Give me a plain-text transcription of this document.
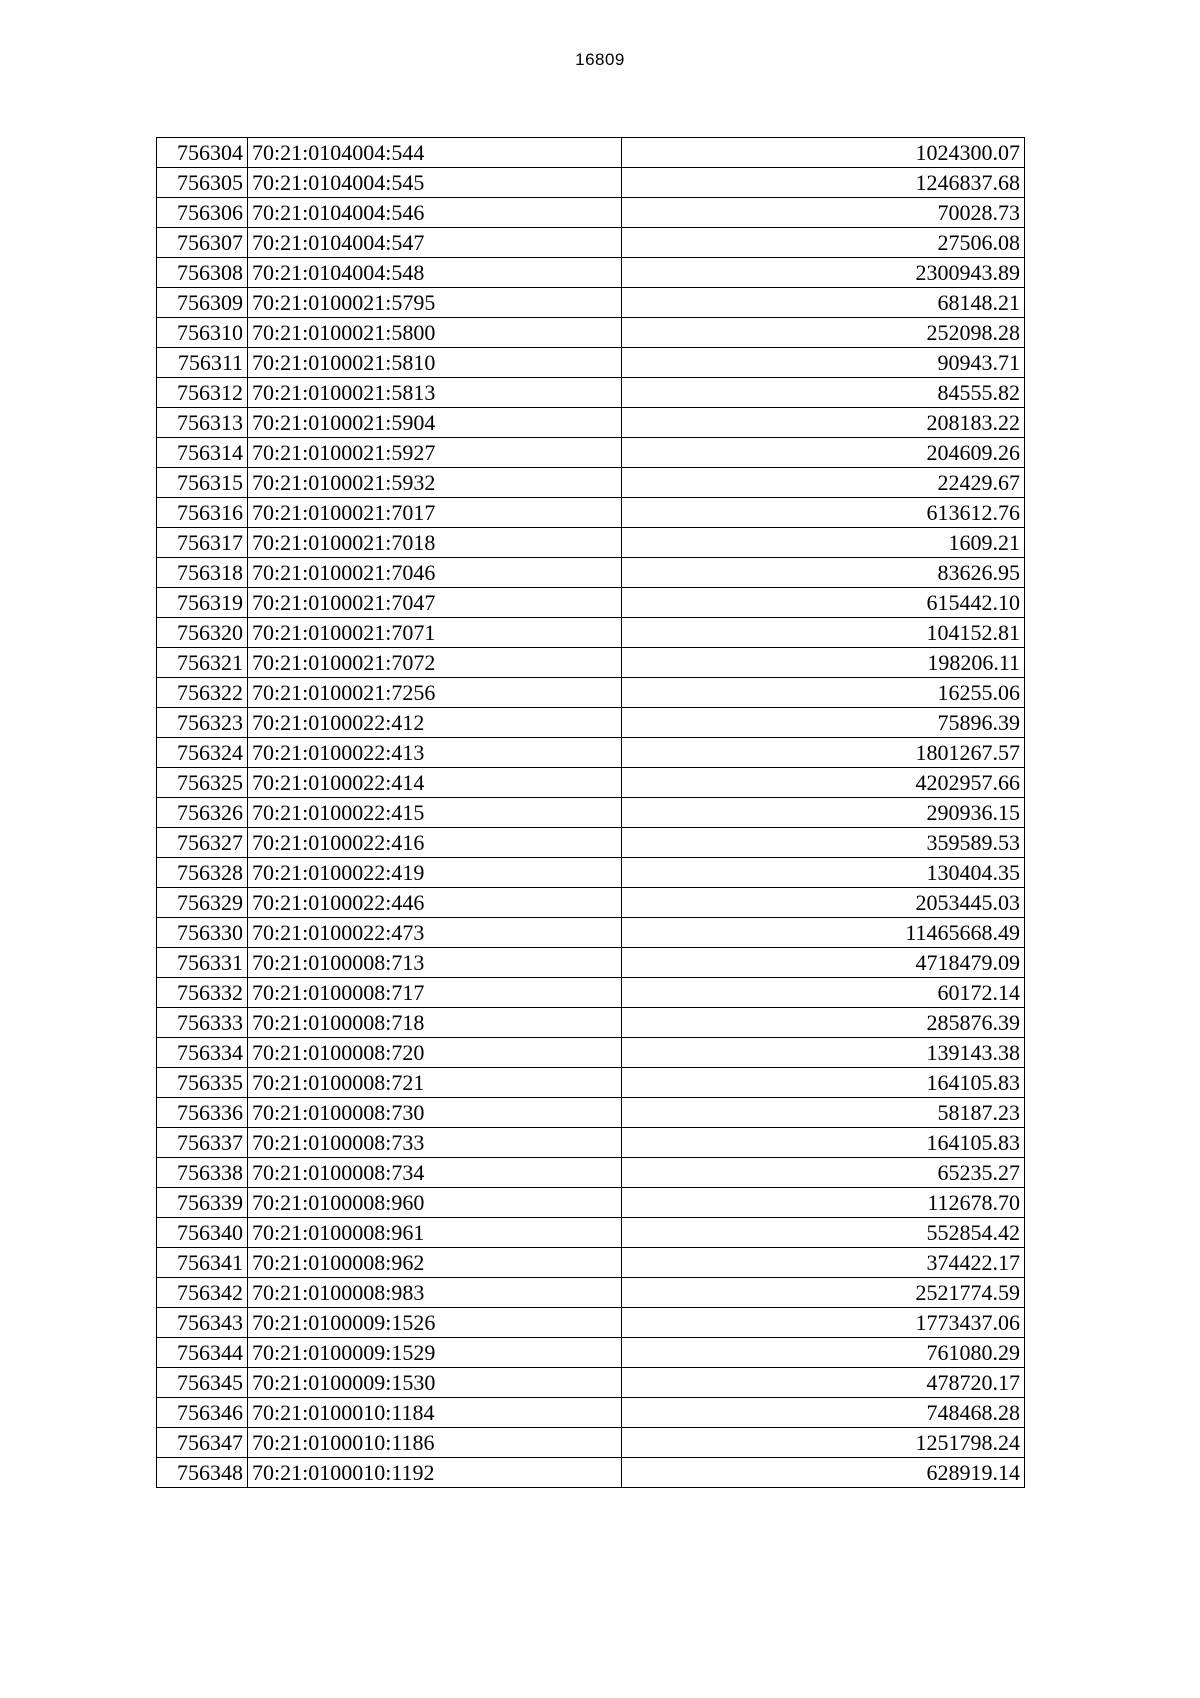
16809
756304	70:21:0104004:544	1024300.07
756305	70:21:0104004:545	1246837.68
756306	70:21:0104004:546	70028.73
756307	70:21:0104004:547	27506.08
756308	70:21:0104004:548	2300943.89
756309	70:21:0100021:5795	68148.21
756310	70:21:0100021:5800	252098.28
756311	70:21:0100021:5810	90943.71
756312	70:21:0100021:5813	84555.82
756313	70:21:0100021:5904	208183.22
756314	70:21:0100021:5927	204609.26
756315	70:21:0100021:5932	22429.67
756316	70:21:0100021:7017	613612.76
756317	70:21:0100021:7018	1609.21
756318	70:21:0100021:7046	83626.95
756319	70:21:0100021:7047	615442.10
756320	70:21:0100021:7071	104152.81
756321	70:21:0100021:7072	198206.11
756322	70:21:0100021:7256	16255.06
756323	70:21:0100022:412	75896.39
756324	70:21:0100022:413	1801267.57
756325	70:21:0100022:414	4202957.66
756326	70:21:0100022:415	290936.15
756327	70:21:0100022:416	359589.53
756328	70:21:0100022:419	130404.35
756329	70:21:0100022:446	2053445.03
756330	70:21:0100022:473	11465668.49
756331	70:21:0100008:713	4718479.09
756332	70:21:0100008:717	60172.14
756333	70:21:0100008:718	285876.39
756334	70:21:0100008:720	139143.38
756335	70:21:0100008:721	164105.83
756336	70:21:0100008:730	58187.23
756337	70:21:0100008:733	164105.83
756338	70:21:0100008:734	65235.27
756339	70:21:0100008:960	112678.70
756340	70:21:0100008:961	552854.42
756341	70:21:0100008:962	374422.17
756342	70:21:0100008:983	2521774.59
756343	70:21:0100009:1526	1773437.06
756344	70:21:0100009:1529	761080.29
756345	70:21:0100009:1530	478720.17
756346	70:21:0100010:1184	748468.28
756347	70:21:0100010:1186	1251798.24
756348	70:21:0100010:1192	628919.14
